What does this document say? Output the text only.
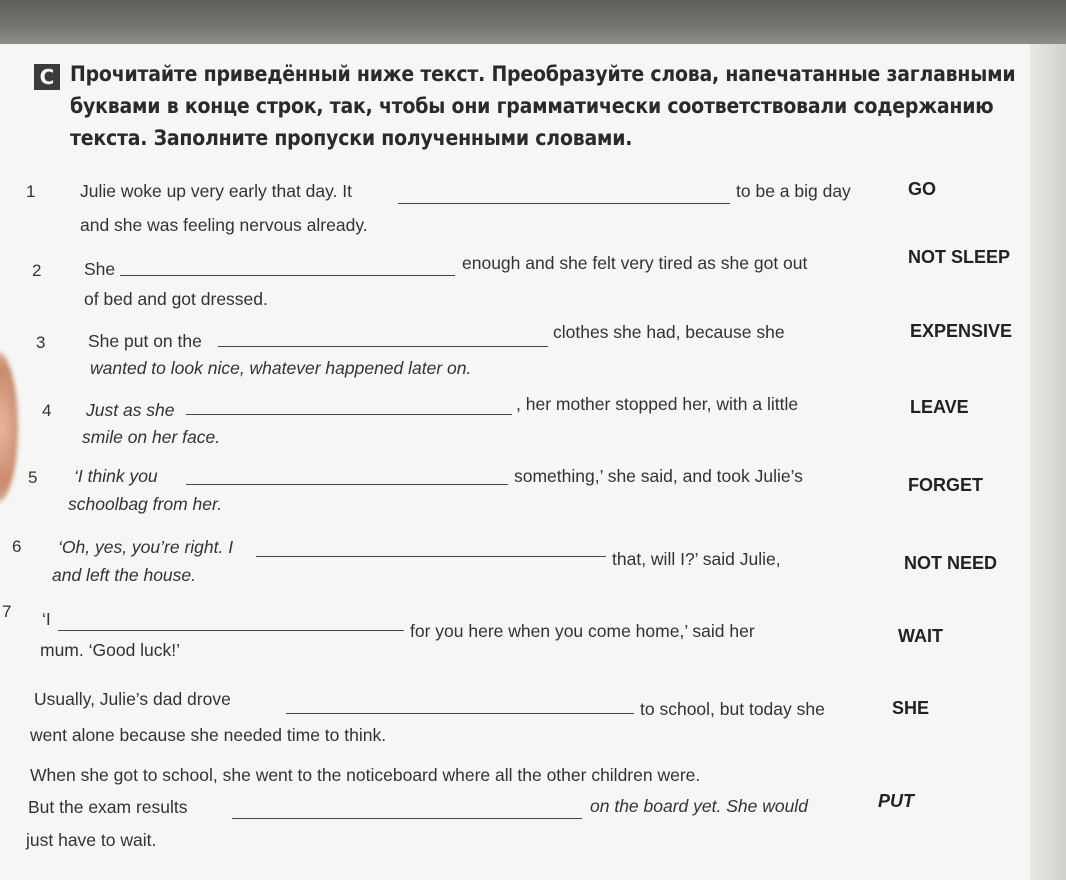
C Прочитайте приведённый ниже текст. Преобразуйте слова, напечатанные заглавными буквами в конце строк, так, чтобы они грамматически соответствовали содержанию текста. Заполните пропуски полученными словами.
1	Julie woke up very early that day. It	to be a big day	GO
and she was feeling nervous already.
2 She	enough and she felt very tired as she got out	NOT SLEEP
of bed and got dressed.
3 She put on the	clothes she had, because she	EXPENSIVE
wanted to look nice, whatever happened later on.
4 Just as she	, her mother stopped her, with a little	LEAVE
smile on her face.
5 ‘I think you	something,’ she said, and took Julie’s	FORGET
schoolbag from her.
6 ‘Oh, yes, you’re right. I
that, will I?’ said Julie,	NOT NEED
and left the house.
7 ‘I
for you here when you come home,’ said her	WAIT
mum. ‘Good luck!’
Usually, Julie’s dad drove	to school, but today she	SHE
went alone because she needed time to think.
When she got to school, she went to the noticeboard where all the other children were.
But the exam results	on the board yet. She would	PUT
just have to wait.
